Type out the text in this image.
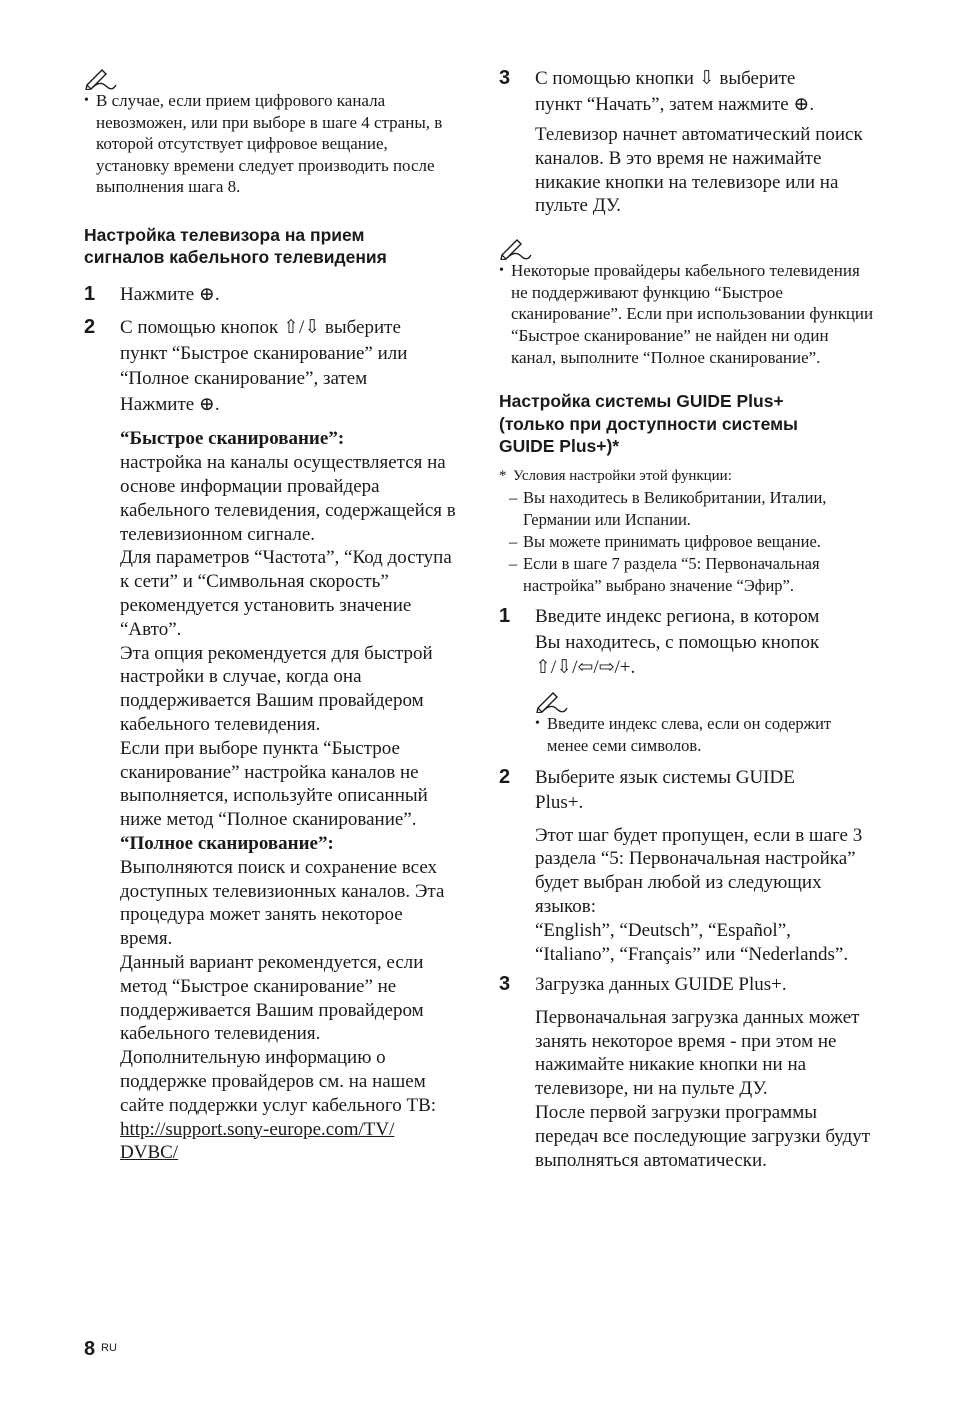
• В случае, если прием цифрового канала невозможен, или при выборе в шаге 4 страны, в которой отсутствует цифровое вещание, установку времени следует производить после выполнения шага 8.
Настройка телевизора на прием
сигналов кабельного телевидения
1 Нажмите ⊕.
2 С помощью кнопок ⇧/⇩ выберите
пункт “Быстрое сканирование” или
“Полное сканирование”, затем
Нажмите ⊕.
“Быстрое сканирование”:
настройка на каналы осуществляется на основе информации провайдера кабельного телевидения, содержащейся в телевизионном сигнале.
Для параметров “Частота”, “Код доступа к сети” и “Символьная скорость” рекомендуется установить значение “Авто”.
Эта опция рекомендуется для быстрой настройки в случае, когда она поддерживается Вашим провайдером кабельного телевидения.
Если при выборе пункта “Быстрое сканирование” настройка каналов не выполняется, используйте описанный ниже метод “Полное сканирование”.
“Полное сканирование”:
Выполняются поиск и сохранение всех доступных телевизионных каналов. Эта процедура может занять некоторое время.
Данный вариант рекомендуется, если метод “Быстрое сканирование” не поддерживается Вашим провайдером кабельного телевидения.
Дополнительную информацию о поддержке провайдеров см. на нашем сайте поддержки услуг кабельного ТВ:
http://support.sony-europe.com/TV/
DVBC/
3 С помощью кнопки ⇩ выберите
пункт “Начать”, затем нажмите ⊕.
Телевизор начнет автоматический поиск каналов. В это время не нажимайте никакие кнопки на телевизоре или на пульте ДУ.
• Некоторые провайдеры кабельного телевидения не поддерживают функцию “Быстрое сканирование”. Если при использовании функции “Быстрое сканирование” не найден ни один канал, выполните “Полное сканирование”.
Настройка системы GUIDE Plus+
(только при доступности системы
GUIDE Plus+)*
* Условия настройки этой функции:
– Вы находитесь в Великобритании, Италии, Германии или Испании.
– Вы можете принимать цифровое вещание.
– Если в шаге 7 раздела “5: Первоначальная настройка” выбрано значение “Эфир”.
1 Введите индекс региона, в котором
Вы находитесь, с помощью кнопок
⇧/⇩/⇦/⇨/+.
• Введите индекс слева, если он содержит менее семи символов.
2 Выберите язык системы GUIDE
Plus+.
Этот шаг будет пропущен, если в шаге 3 раздела “5: Первоначальная настройка” будет выбран любой из следующих языков:
“English”, “Deutsch”, “Español”, “Italiano”, “Français” или “Nederlands”.
3 Загрузка данных GUIDE Plus+.
Первоначальная загрузка данных может занять некоторое время - при этом не нажимайте никакие кнопки ни на телевизоре, ни на пульте ДУ.
После первой загрузки программы передач все последующие загрузки будут выполняться автоматически.
8 RU
